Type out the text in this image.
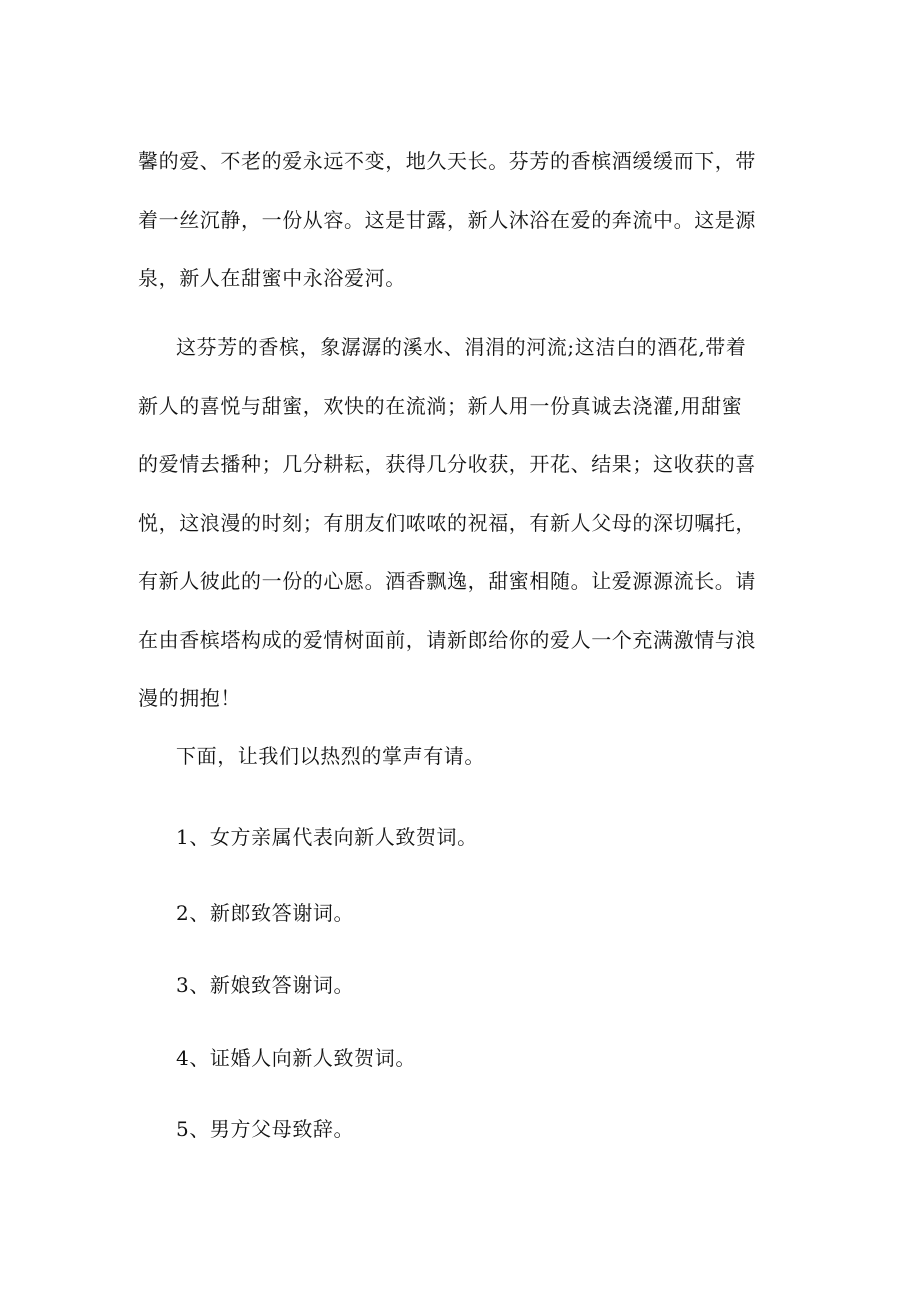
馨的爱、不老的爱永远不变，地久天长。芬芳的香槟酒缓缓而下，带
着一丝沉静，一份从容。这是甘露，新人沐浴在爱的奔流中。这是源
泉，新人在甜蜜中永浴爱河。

这芬芳的香槟，象潺潺的溪水、涓涓的河流;这洁白的酒花,带着
新人的喜悦与甜蜜，欢快的在流淌；新人用一份真诚去浇灌,用甜蜜
的爱情去播种；几分耕耘，获得几分收获，开花、结果；这收获的喜
悦，这浪漫的时刻；有朋友们哝哝的祝福，有新人父母的深切嘱托，
有新人彼此的一份的心愿。酒香飘逸，甜蜜相随。让爱源源流长。请
在由香槟塔构成的爱情树面前，请新郎给你的爱人一个充满激情与浪
漫的拥抱！

下面，让我们以热烈的掌声有请。

1、女方亲属代表向新人致贺词。

2、新郎致答谢词。

3、新娘致答谢词。

4、证婚人向新人致贺词。

5、男方父母致辞。
